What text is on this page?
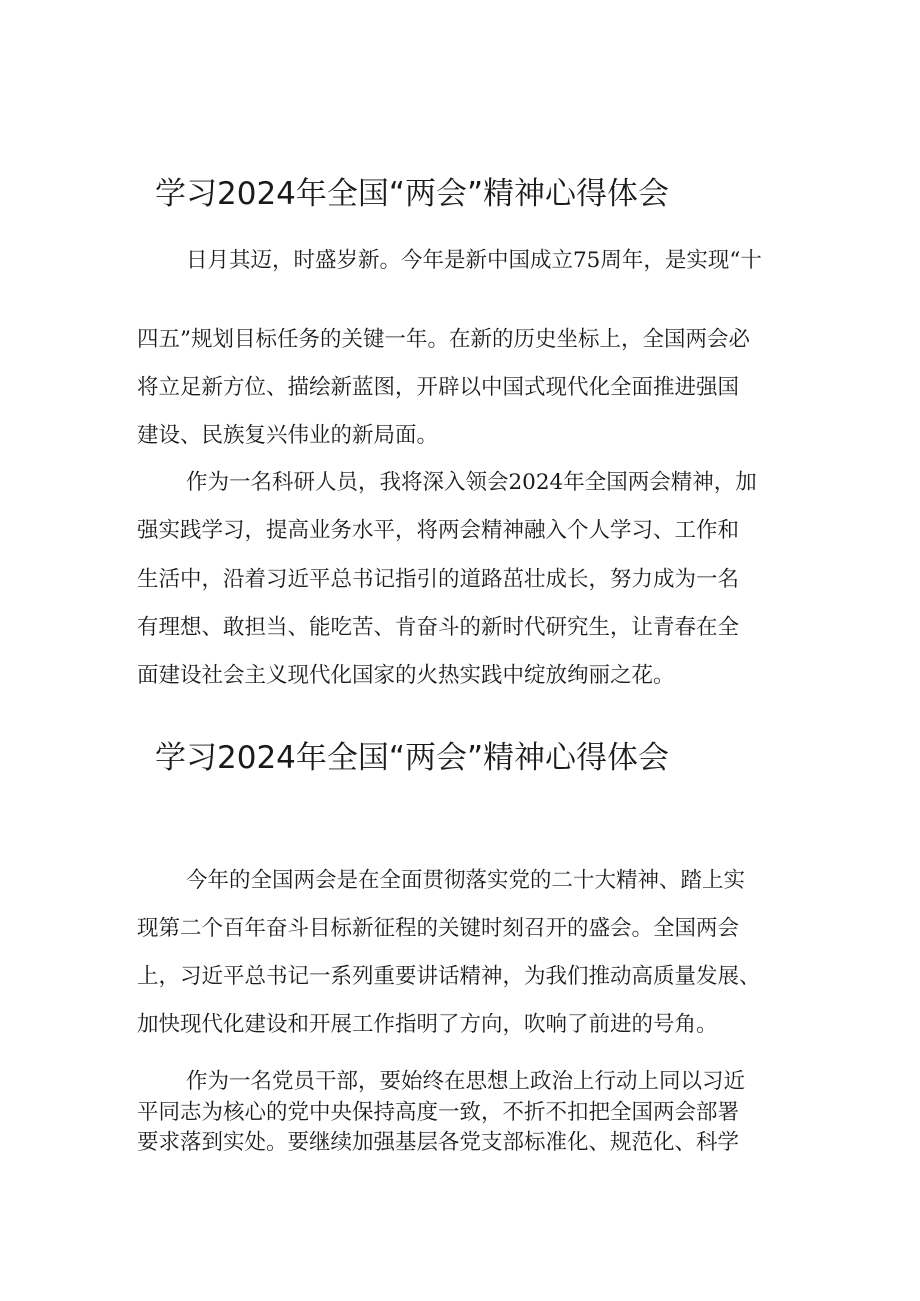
学习2024年全国“两会”精神心得体会

日月其迈，时盛岁新。今年是新中国成立75周年，是实现“十

四五”规划目标任务的关键一年。在新的历史坐标上，全国两会必

将立足新方位、描绘新蓝图，开辟以中国式现代化全面推进强国

建设、民族复兴伟业的新局面。

作为一名科研人员，我将深入领会2024年全国两会精神，加

强实践学习，提高业务水平，将两会精神融入个人学习、工作和

生活中，沿着习近平总书记指引的道路茁壮成长，努力成为一名

有理想、敢担当、能吃苦、肯奋斗的新时代研究生，让青春在全

面建设社会主义现代化国家的火热实践中绽放绚丽之花。

学习2024年全国“两会”精神心得体会

今年的全国两会是在全面贯彻落实党的二十大精神、踏上实

现第二个百年奋斗目标新征程的关键时刻召开的盛会。全国两会

上，习近平总书记一系列重要讲话精神，为我们推动高质量发展、

加快现代化建设和开展工作指明了方向，吹响了前进的号角。

作为一名党员干部，要始终在思想上政治上行动上同以习近

平同志为核心的党中央保持高度一致，不折不扣把全国两会部署

要求落到实处。要继续加强基层各党支部标准化、规范化、科学
